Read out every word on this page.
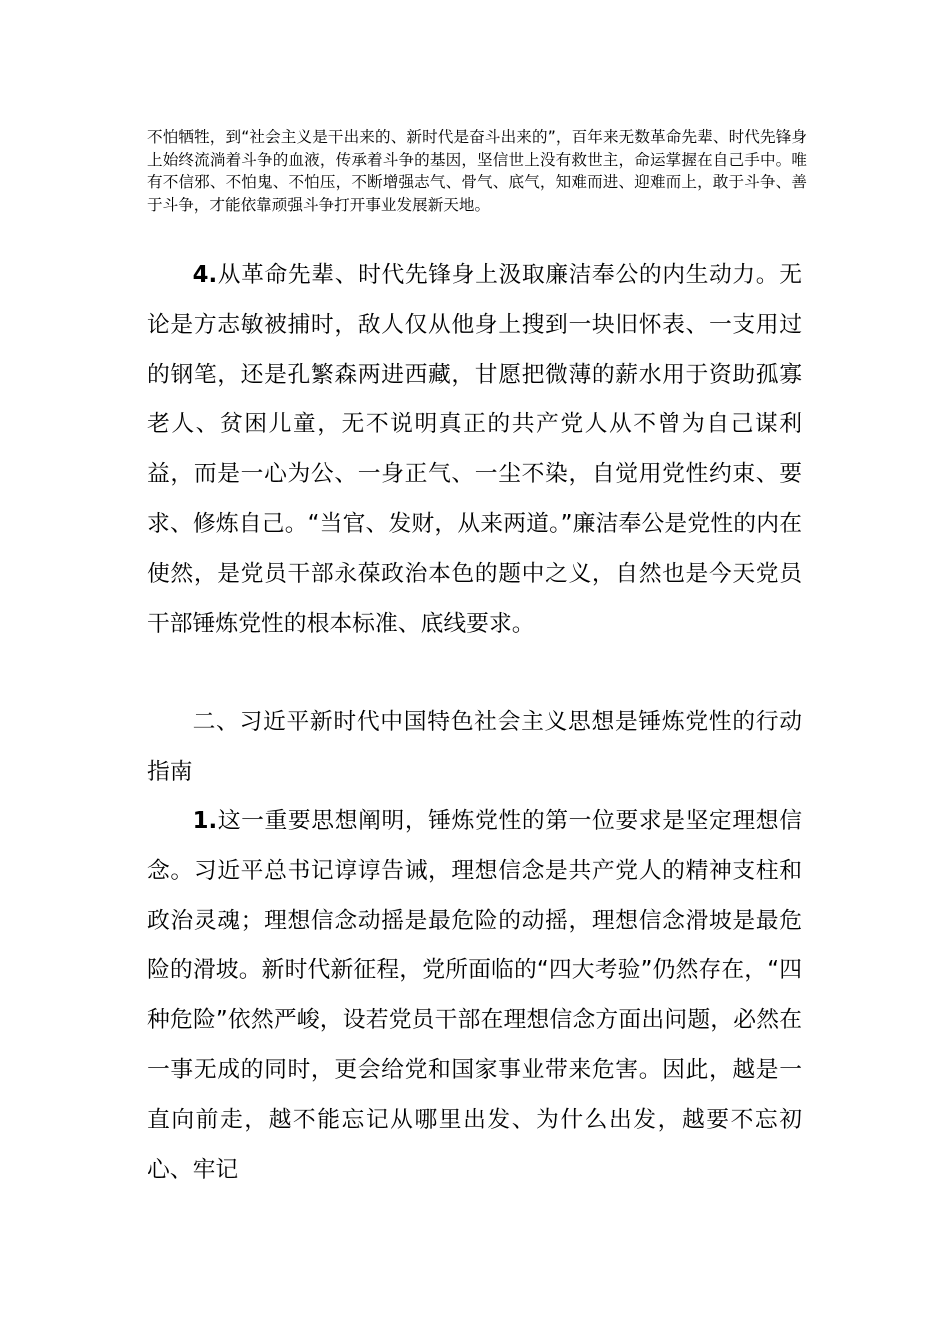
不怕牺牲，到“社会主义是干出来的、新时代是奋斗出来的”，百年来无数革命先辈、时代先锋身上始终流淌着斗争的血液，传承着斗争的基因，坚信世上没有救世主，命运掌握在自己手中。唯有不信邪、不怕鬼、不怕压，不断增强志气、骨气、底气，知难而进、迎难而上，敢于斗争、善于斗争，才能依靠顽强斗争打开事业发展新天地。

4.从革命先辈、时代先锋身上汲取廉洁奉公的内生动力。无论是方志敏被捕时，敌人仅从他身上搜到一块旧怀表、一支用过的钢笔，还是孔繁森两进西藏，甘愿把微薄的薪水用于资助孤寡老人、贫困儿童，无不说明真正的共产党人从不曾为自己谋利益，而是一心为公、一身正气、一尘不染，自觉用党性约束、要求、修炼自己。“当官、发财，从来两道。”廉洁奉公是党性的内在使然，是党员干部永葆政治本色的题中之义，自然也是今天党员干部锤炼党性的根本标准、底线要求。

二、习近平新时代中国特色社会主义思想是锤炼党性的行动指南

1.这一重要思想阐明，锤炼党性的第一位要求是坚定理想信念。习近平总书记谆谆告诫，理想信念是共产党人的精神支柱和政治灵魂；理想信念动摇是最危险的动摇，理想信念滑坡是最危险的滑坡。新时代新征程，党所面临的“四大考验”仍然存在，“四种危险”依然严峻，设若党员干部在理想信念方面出问题，必然在一事无成的同时，更会给党和国家事业带来危害。因此，越是一直向前走，越不能忘记从哪里出发、为什么出发，越要不忘初心、牢记
